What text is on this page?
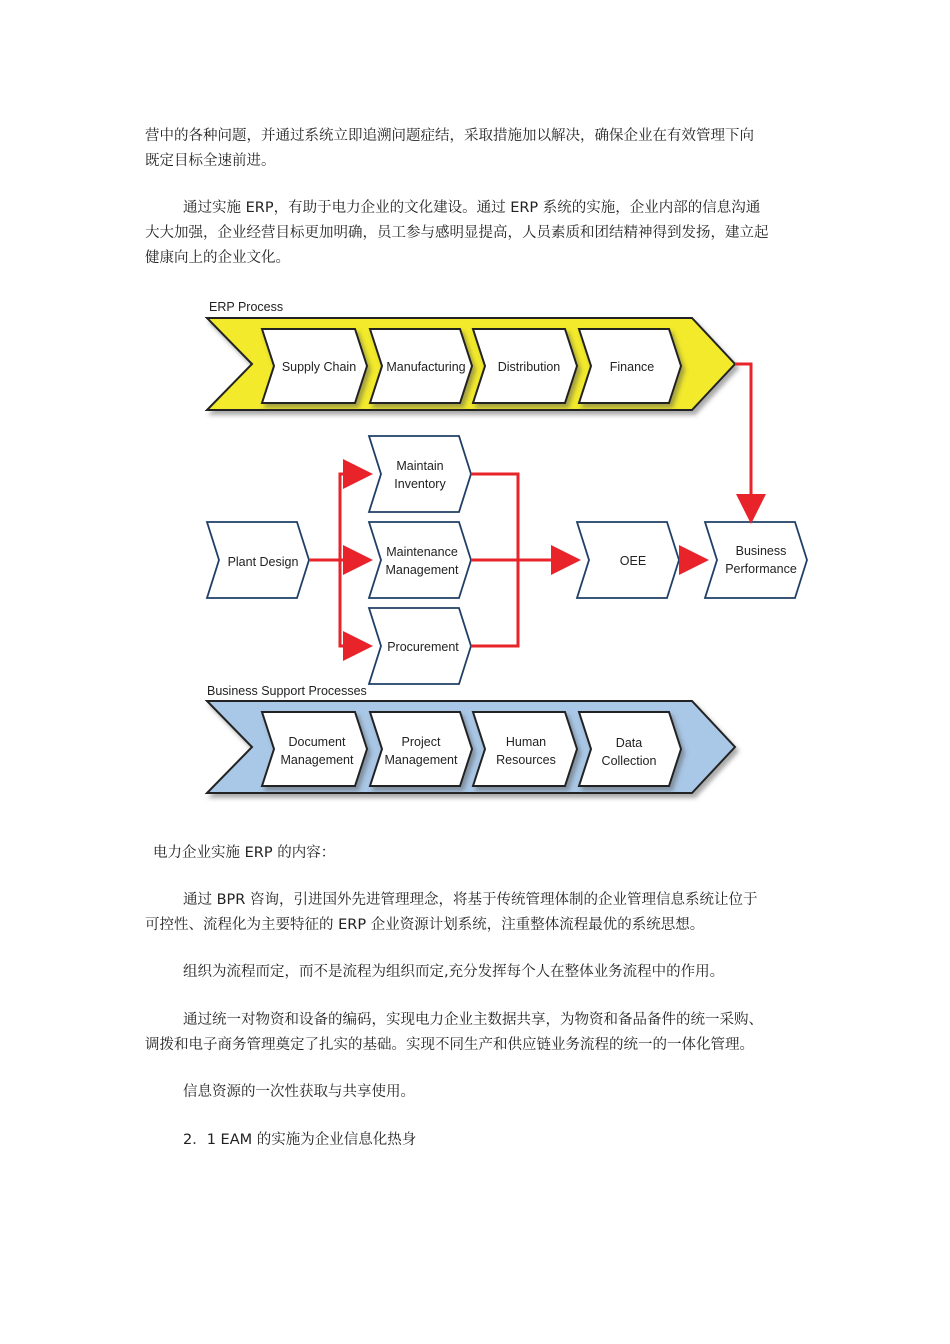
营中的各种问题，并通过系统立即追溯问题症结，采取措施加以解决，确保企业在有效管理下向
既定目标全速前进。
通过实施 ERP，有助于电力企业的文化建设。通过 ERP 系统的实施，企业内部的信息沟通
大大加强，企业经营目标更加明确，员工参与感明显提高，人员素质和团结精神得到发扬，建立起
健康向上的企业文化。
ERP Process
Supply Chain Manufacturing	Distribution	Finance
Plant Design
Maintain
Inventory
Maintenance
Management
Procurement
OEE
Business
Performance
Business Support Processes
Document
Management
Project
Management
Human
Resources
Data
Collection
电力企业实施 ERP 的内容：
通过 BPR 咨询，引进国外先进管理理念，将基于传统管理体制的企业管理信息系统让位于
可控性、流程化为主要特征的 ERP 企业资源计划系统，注重整体流程最优的系统思想。
组织为流程而定，而不是流程为组织而定,充分发挥每个人在整体业务流程中的作用。
通过统一对物资和设备的编码，实现电力企业主数据共享，为物资和备品备件的统一采购、
调拨和电子商务管理奠定了扎实的基础。实现不同生产和供应链业务流程的统一的一体化管理。
信息资源的一次性获取与共享使用。
2．1 EAM 的实施为企业信息化热身
